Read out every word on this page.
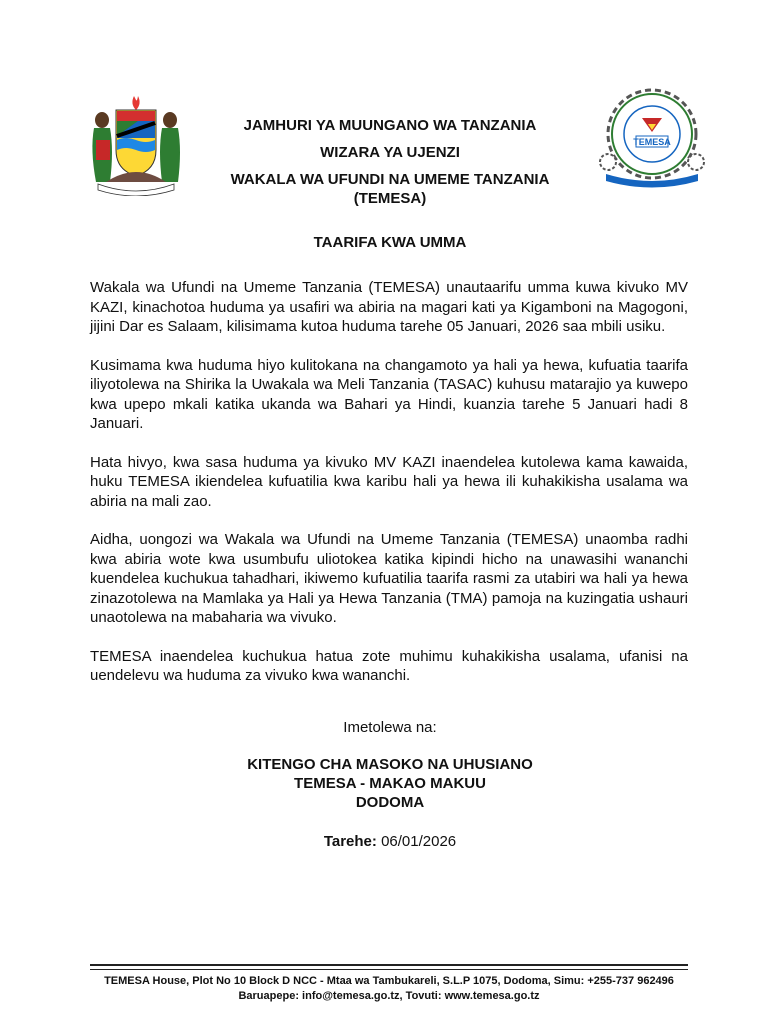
TEMESA
JAMHURI YA MUUNGANO WA TANZANIA
WIZARA YA UJENZI
WAKALA WA UFUNDI NA UMEME TANZANIA
(TEMESA)
TAARIFA KWA UMMA

Wakala wa Ufundi na Umeme Tanzania (TEMESA) unautaarifu umma kuwa kivuko MV KAZI, kinachotoa huduma ya usafiri wa abiria na magari kati ya Kigamboni na Magogoni, jijini Dar es Salaam, kilisimama kutoa huduma tarehe 05 Januari, 2026 saa mbili usiku.

Kusimama kwa huduma hiyo kulitokana na changamoto ya hali ya hewa, kufuatia taarifa iliyotolewa na Shirika la Uwakala wa Meli Tanzania (TASAC) kuhusu matarajio ya kuwepo kwa upepo mkali katika ukanda wa Bahari ya Hindi, kuanzia tarehe 5 Januari hadi 8 Januari.

Hata hivyo, kwa sasa huduma ya kivuko MV KAZI inaendelea kutolewa kama kawaida, huku TEMESA ikiendelea kufuatilia kwa karibu hali ya hewa ili kuhakikisha usalama wa abiria na mali zao.

Aidha, uongozi wa Wakala wa Ufundi na Umeme Tanzania (TEMESA) unaomba radhi kwa abiria wote kwa usumbufu uliotokea katika kipindi hicho na unawasihi wananchi kuendelea kuchukua tahadhari, ikiwemo kufuatilia taarifa rasmi za utabiri wa hali ya hewa zinazotolewa na Mamlaka ya Hali ya Hewa Tanzania (TMA) pamoja na kuzingatia ushauri unaotolewa na mabaharia wa vivuko.

TEMESA inaendelea kuchukua hatua zote muhimu kuhakikisha usalama, ufanisi na uendelevu wa huduma za vivuko kwa wananchi.

Imetolewa na:
KITENGO CHA MASOKO NA UHUSIANO
TEMESA - MAKAO MAKUU
DODOMA
Tarehe: 06/01/2026
TEMESA House, Plot No 10 Block D NCC - Mtaa wa Tambukareli, S.L.P 1075, Dodoma, Simu: +255-737 962496
Baruapepe: info@temesa.go.tz, Tovuti: www.temesa.go.tz
